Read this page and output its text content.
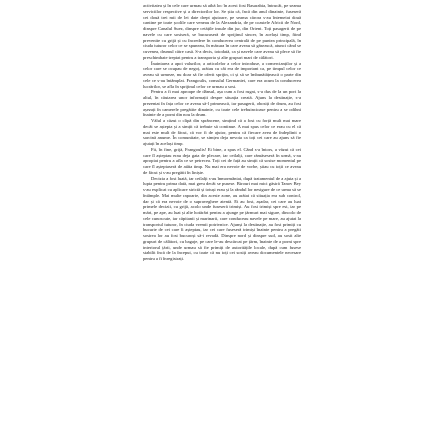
activitatea și în cele care urmau să aibă loc în acest fost Basarabia, întrucât, pe seama serviciilor respective și a directorilor lor. Se știa că, încă din anul dinainte, fuseseră cei două trei mii de lei date drept ajutoare, pe seama cărora s-au întemeiat două cantine pe toate școlile care veneau de la Alexandria, de pe coastele Africii de Nord, dinspre Canalul Suez, dinspre cetățile insule din jur, din Orient. Toți pasagerii de pe navele cu care sosiseră, se bucuraseră de sprijinul sincer, în același timp, fiind prevenite cu grijă și cu încredere în conducerea centrală de pe puntea principală, în ciuda tuturor celor ce se spuneau, în măsura în care aveau să găsească, atunci când se cuvenea, drumul către casă. S-a decis, totodată, ca și navele care aveau să plece să fie preschimbate treptat pentru a transporta și alte grupuri mari de călători.

Înaintarea a apoi valurilor, a articolelor a celor introduse, a comercianților și a celor care se ocupau de negoț, arătau cu cât era de important ca, pe timpul celor ce aveau să urmeze, nu doar să fie oferit sprijin, ci și să se îmbunătățească o parte din cele ce s-au întâmplat. Frangoulis, consulul Germaniei, care era acum la conducerea lucrărilor, se afla în sprijinul celor ce urmau a sosi.

Pentru a fi mai aproape de dânsul, așa cum a fost rugat, s-a dus de la un port la altul, în căutarea unor informații despre situația creată. Ajuns la destinație, s-a prezentat în fața celor ce aveau să-l primească, iar pasagerii, obosiți de drum, au fost așezați în camerele pregătite dinainte, cu toate cele trebuincioase pentru a se odihni înainte de a porni din nou la drum.

Vălul a căzut o clipă din sprâncene, simțind că a fost cu forță mult mai mare decât se aștepta și a simțit că trebuie să continue. A mai spus celor ce erau cu el că mai este mult de făcut, că vor fi de ajutor, pentru că fiecare avea de îndeplinit o sarcină anume. În comunitate, se simțea deja nevoia ca toți cei care au ajuns să fie ajutați în același timp.

Fii, în fine, grijă, Frangoulis! Ei bine, a spus el. Când s-a întors, a văzut că cei care îl așteptau erau deja gata de plecare, iar ceilalți, care rămăseseră în urmă, s-au apropiat pentru a afla ce se petrecea. Toți cei de față au simțit că sosise momentul pe care îl așteptaseră de atâta timp. Nu mai era nevoie de vorbe, știau cu toții ce aveau de făcut și s-au pregătit în liniște.

Decizia a fost luată, iar ceilalți s-au înmormântat, după tratamentul de a ajuta și a lupta pentru prima dată, mai greu decât se pusese. Birouri mai mici găsiră Tanov Bey s-au explicat cu aplicare strictă și totuși erau și la rândul lor nesigure de ce urma să se întâmple. Mai multe rapoarte, din aceste zone, au arătat că situația era sub control, dar și că era nevoie de o supraveghere atentă. Ei au fost, așadar, cei care au luat primele decizii, cu grijă, acolo unde fuseseră trimiși. Au fost trimiși spre est, iar pe mări, pe ape, au luat și alte hotărâri pentru a ajunge pe țărmuri mai sigure, dincolo de cele cunoscute, iar căpitanii și marinarii, care conduceau navele pe mare, au ajutat la transportul tuturor, în ciuda vremii potrivnice. Ajunși la destinație, au fost primiți cu bucurie de cei care îi așteptau, iar cei care fuseseră trimiși înainte pentru a pregăti sosirea lor au fost bucuroși să-i revadă. Dinspre nord și dinspre sud, au sosit alte grupuri de călători, cu bagaje, pe care le-au descărcat pe țărm, înainte de a porni spre interiorul țării, unde urmau să fie primiți de autoritățile locale, după cum fusese stabilit încă de la început, cu toate că nu toți cei sosiți aveau documentele necesare pentru a fi înregistrați.
